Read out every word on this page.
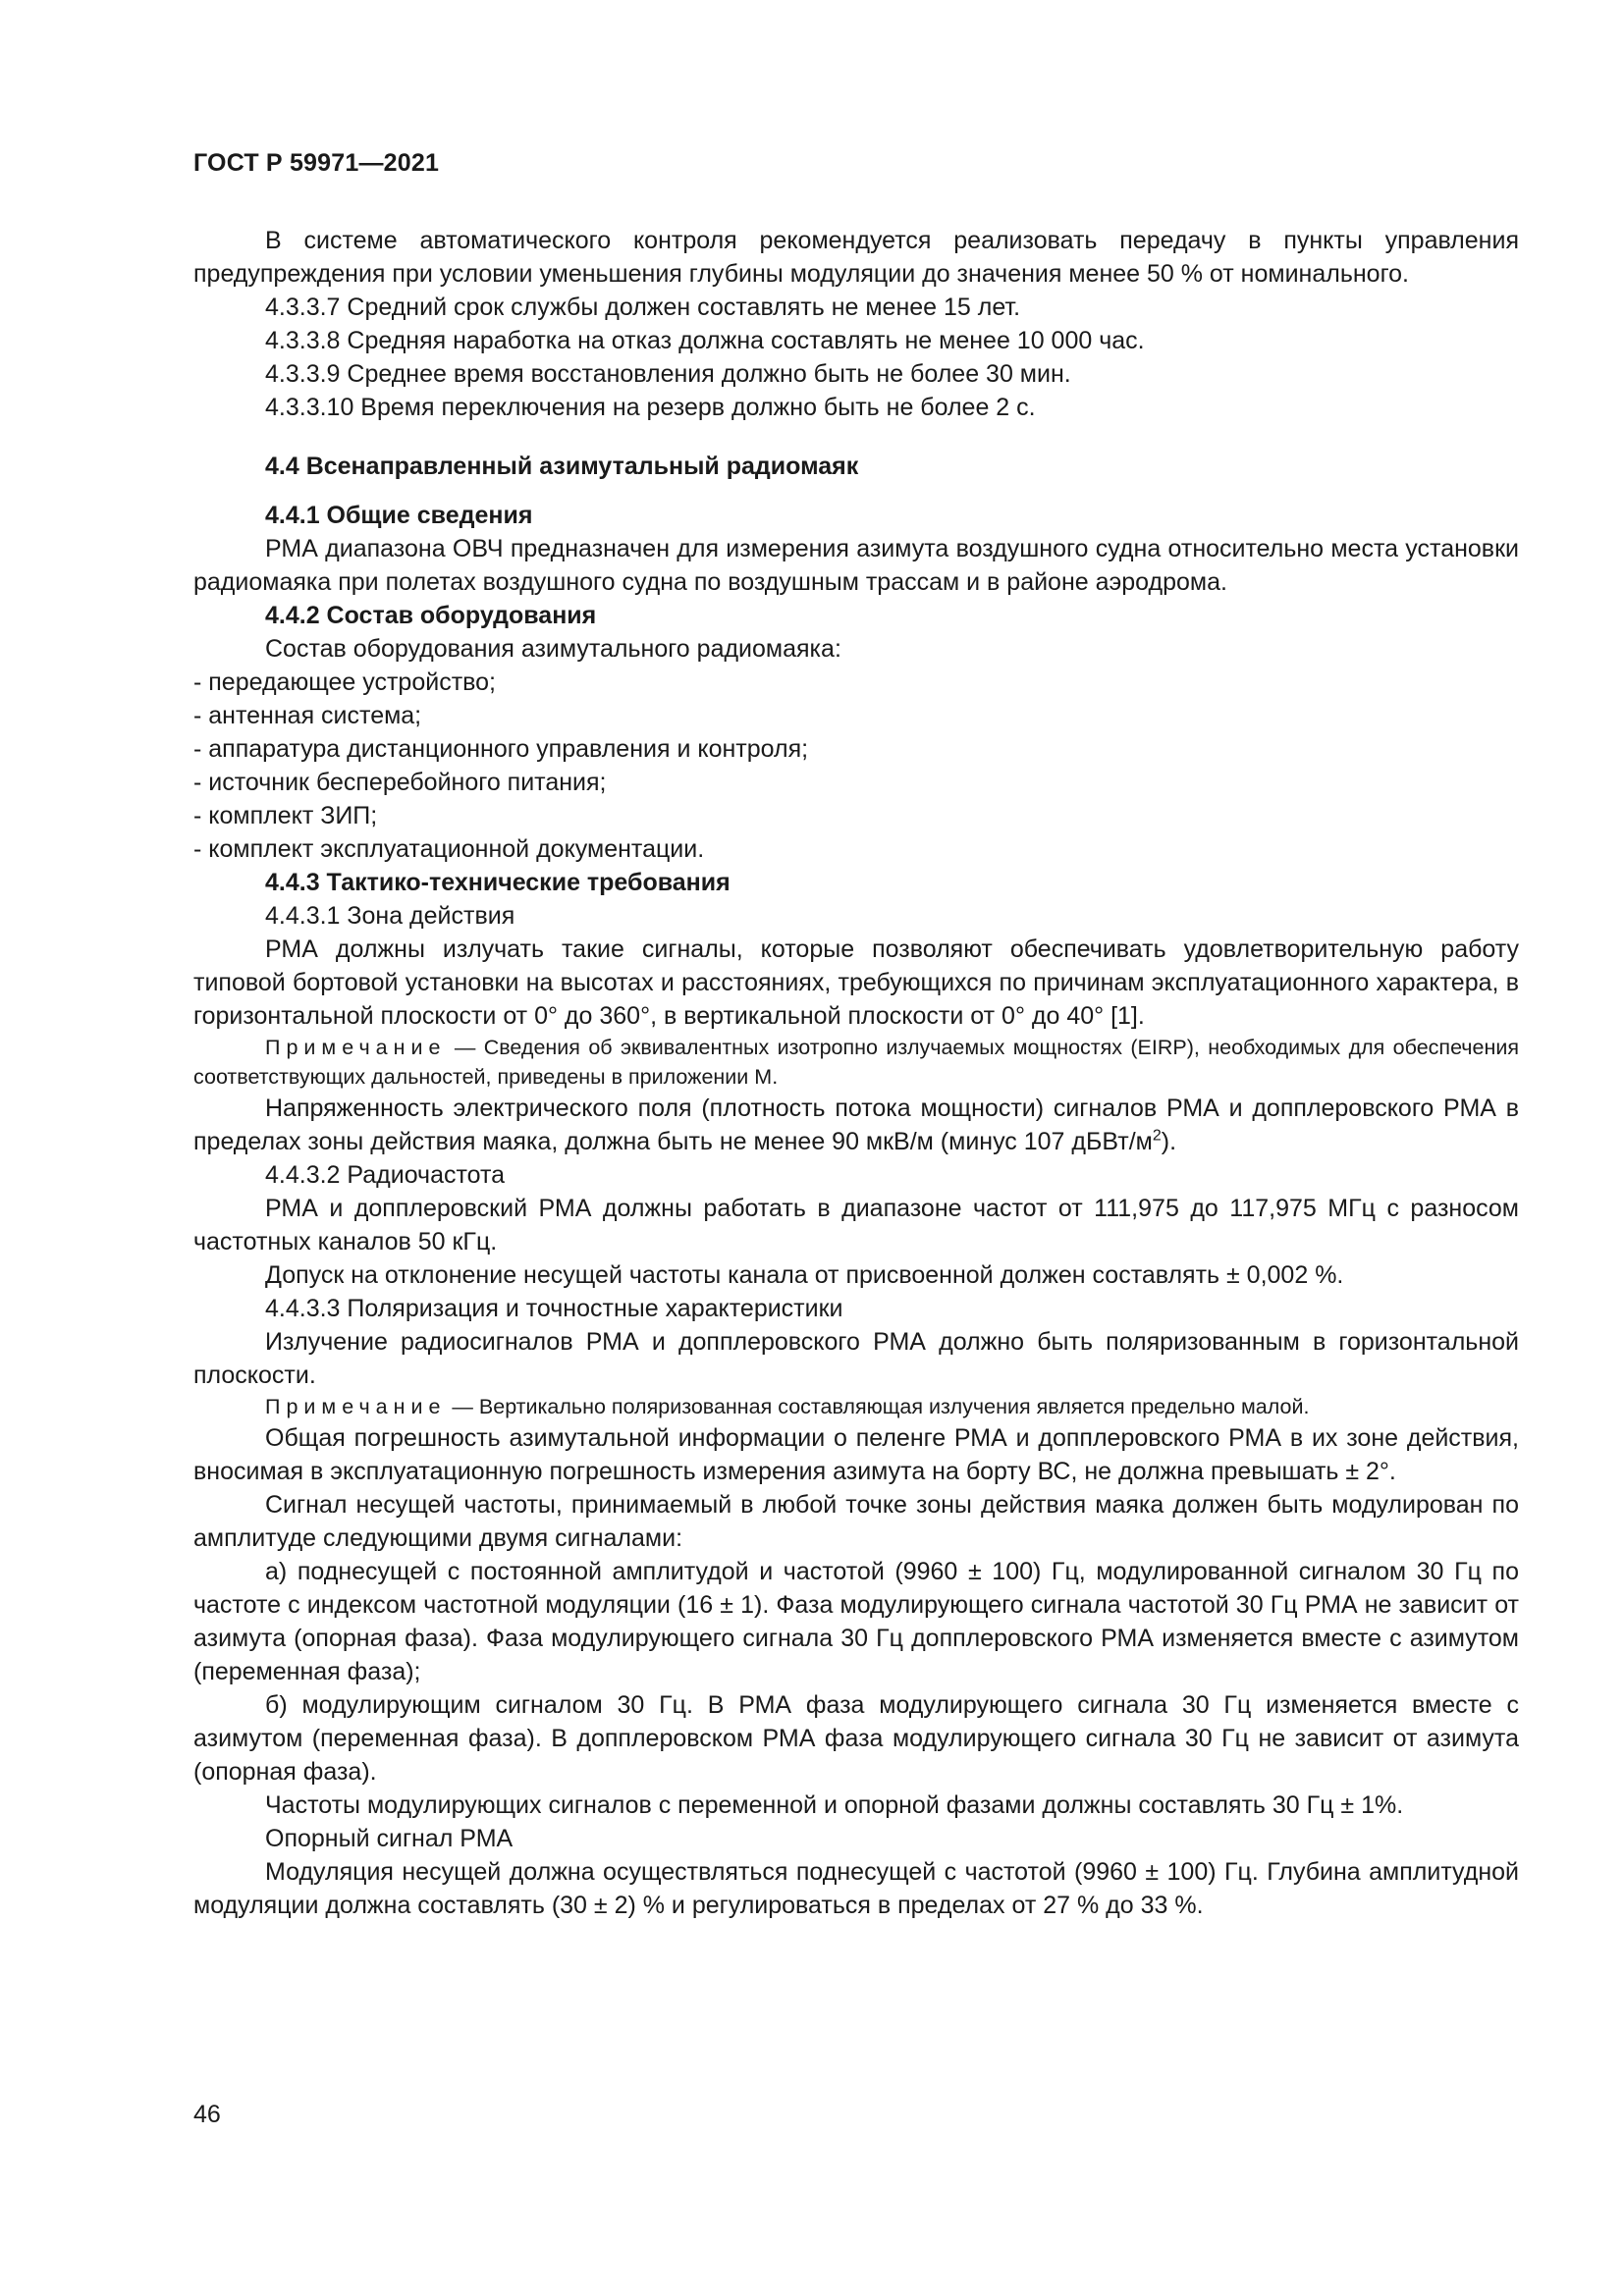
ГОСТ Р 59971—2021

В системе автоматического контроля рекомендуется реализовать передачу в пункты управления предупреждения при условии уменьшения глубины модуляции до значения менее 50 % от номинального.

4.3.3.7 Средний срок службы должен составлять не менее 15 лет.

4.3.3.8 Средняя наработка на отказ должна составлять не менее 10 000 час.

4.3.3.9 Среднее время восстановления должно быть не более 30 мин.

4.3.3.10 Время переключения на резерв должно быть не более 2 с.

4.4 Всенаправленный азимутальный радиомаяк
4.4.1 Общие сведения

РМА диапазона ОВЧ предназначен для измерения азимута воздушного судна относительно места установки радиомаяка при полетах воздушного судна по воздушным трассам и в районе аэродрома.

4.4.2 Состав оборудования

Состав оборудования азимутального радиомаяка:

- передающее устройство;

- антенная система;

- аппаратура дистанционного управления и контроля;

- источник бесперебойного питания;

- комплект ЗИП;

- комплект эксплуатационной документации.

4.4.3 Тактико-технические требования

4.4.3.1 Зона действия

РМА должны излучать такие сигналы, которые позволяют обеспечивать удовлетворительную работу типовой бортовой установки на высотах и расстояниях, требующихся по причинам эксплуатационного характера, в горизонтальной плоскости от 0° до 360°, в вертикальной плоскости от 0° до 40° [1].

Примечание — Сведения об эквивалентных изотропно излучаемых мощностях (EIRP), необходимых для обеспечения соответствующих дальностей, приведены в приложении М.

Напряженность электрического поля (плотность потока мощности) сигналов РМА и допплеровского РМА в пределах зоны действия маяка, должна быть не менее 90 мкВ/м (минус 107 дБВт/$м^2$).

4.4.3.2 Радиочастота

РМА и допплеровский РМА должны работать в диапазоне частот от 111,975 до 117,975 МГц с разносом частотных каналов 50 кГц.

Допуск на отклонение несущей частоты канала от присвоенной должен составлять ± 0,002 %.

4.4.3.3 Поляризация и точностные характеристики

Излучение радиосигналов РМА и допплеровского РМА должно быть поляризованным в горизонтальной плоскости.

Примечание — Вертикально поляризованная составляющая излучения является предельно малой.

Общая погрешность азимутальной информации о пеленге РМА и допплеровского РМА в их зоне действия, вносимая в эксплуатационную погрешность измерения азимута на борту ВС, не должна превышать ± 2°.

Сигнал несущей частоты, принимаемый в любой точке зоны действия маяка должен быть модулирован по амплитуде следующими двумя сигналами:

а) поднесущей с постоянной амплитудой и частотой (9960 ± 100) Гц, модулированной сигналом 30 Гц по частоте с индексом частотной модуляции (16 ± 1). Фаза модулирующего сигнала частотой 30 Гц РМА не зависит от азимута (опорная фаза). Фаза модулирующего сигнала 30 Гц допплеровского РМА изменяется вместе с азимутом (переменная фаза);

б) модулирующим сигналом 30 Гц. В РМА фаза модулирующего сигнала 30 Гц изменяется вместе с азимутом (переменная фаза). В допплеровском РМА фаза модулирующего сигнала 30 Гц не зависит от азимута (опорная фаза).

Частоты модулирующих сигналов с переменной и опорной фазами должны составлять 30 Гц ± 1%.

Опорный сигнал РМА

Модуляция несущей должна осуществляться поднесущей с частотой (9960 ± 100) Гц. Глубина амплитудной модуляции должна составлять (30 ± 2) % и регулироваться в пределах от 27 % до 33 %.

46
